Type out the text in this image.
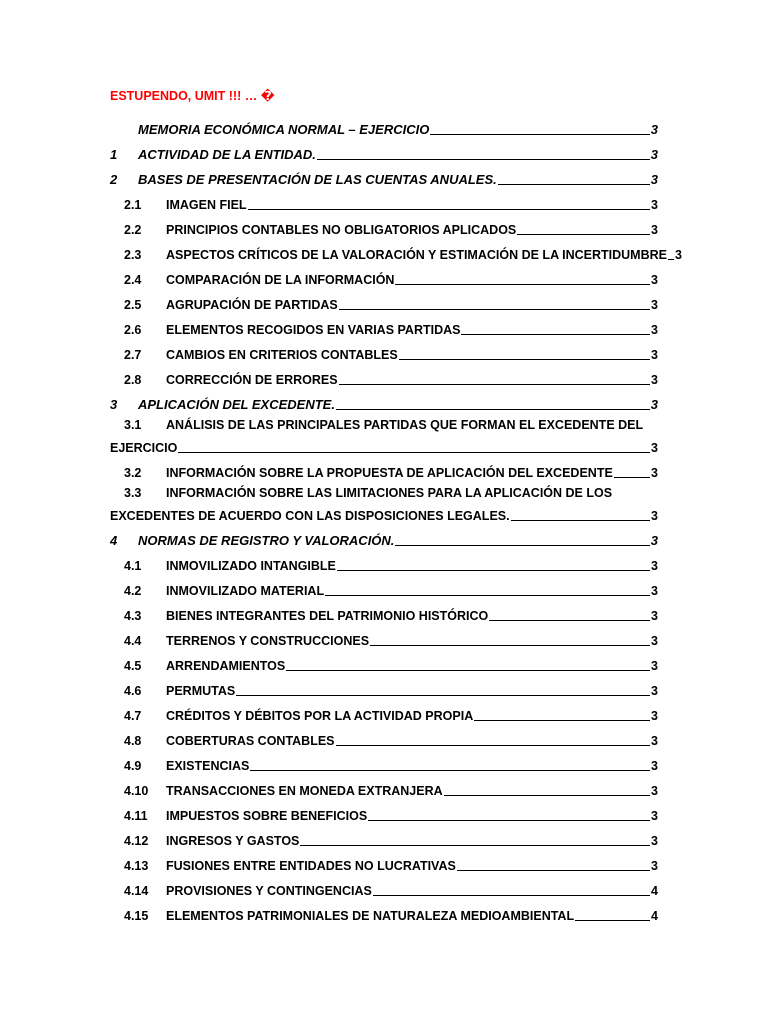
ESTUPENDO, UMIT !!! … �
MEMORIA ECONÓMICA NORMAL – EJERCICIO	3
1	ACTIVIDAD DE LA ENTIDAD.	3
2	BASES DE PRESENTACIÓN DE LAS CUENTAS ANUALES.	3
2.1	IMAGEN FIEL	3
2.2	PRINCIPIOS CONTABLES NO OBLIGATORIOS APLICADOS	3
2.3	ASPECTOS CRÍTICOS DE LA VALORACIÓN Y ESTIMACIÓN DE LA INCERTIDUMBRE 3
2.4	COMPARACIÓN DE LA INFORMACIÓN	3
2.5	AGRUPACIÓN DE PARTIDAS	3
2.6	ELEMENTOS RECOGIDOS EN VARIAS PARTIDAS	3
2.7	CAMBIOS EN CRITERIOS CONTABLES	3
2.8	CORRECCIÓN DE ERRORES	3
3	APLICACIÓN DEL EXCEDENTE.	3
3.1	ANÁLISIS DE LAS PRINCIPALES PARTIDAS QUE FORMAN EL EXCEDENTE DEL
EJERCICIO	3
3.2	INFORMACIÓN SOBRE LA PROPUESTA DE APLICACIÓN DEL EXCEDENTE	3
3.3	INFORMACIÓN SOBRE LAS LIMITACIONES PARA LA APLICACIÓN DE LOS
EXCEDENTES DE ACUERDO CON LAS DISPOSICIONES LEGALES.	3
4	NORMAS DE REGISTRO Y VALORACIÓN.	3
4.1	INMOVILIZADO INTANGIBLE	3
4.2	INMOVILIZADO MATERIAL	3
4.3	BIENES INTEGRANTES DEL PATRIMONIO HISTÓRICO	3
4.4	TERRENOS Y CONSTRUCCIONES	3
4.5	ARRENDAMIENTOS	3
4.6	PERMUTAS	3
4.7	CRÉDITOS Y DÉBITOS POR LA ACTIVIDAD PROPIA	3
4.8	COBERTURAS CONTABLES	3
4.9	EXISTENCIAS	3
4.10	TRANSACCIONES EN MONEDA EXTRANJERA	3
4.11	IMPUESTOS SOBRE BENEFICIOS	3
4.12	INGRESOS Y GASTOS	3
4.13	FUSIONES ENTRE ENTIDADES NO LUCRATIVAS	3
4.14	PROVISIONES Y CONTINGENCIAS	4
4.15	ELEMENTOS PATRIMONIALES DE NATURALEZA MEDIOAMBIENTAL	4
